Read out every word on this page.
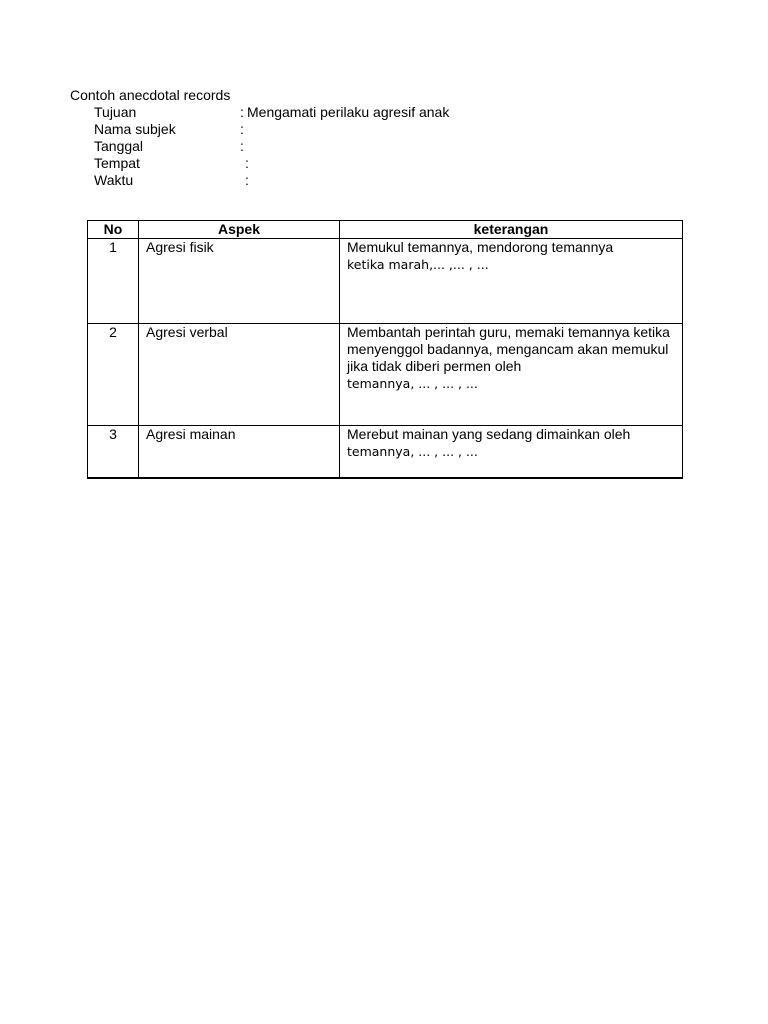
Contoh anecdotal records
Tujuan	: Mengamati perilaku agresif anak
Nama subjek	:
Tanggal	:
Tempat	:
Waktu	:
No	Aspek	keterangan
1	Agresi fisik	Memukul temannya, mendorong temannya
ketika marah,... ,... , ...

2	Agresi verbal	Membantah perintah guru, memaki temannya ketika menyenggol badannya, mengancam akan memukul jika tidak diberi permen oleh
temannya, ... , ... , ...

3	Agresi mainan	Merebut mainan yang sedang dimainkan oleh
temannya, ... , ... , ...
